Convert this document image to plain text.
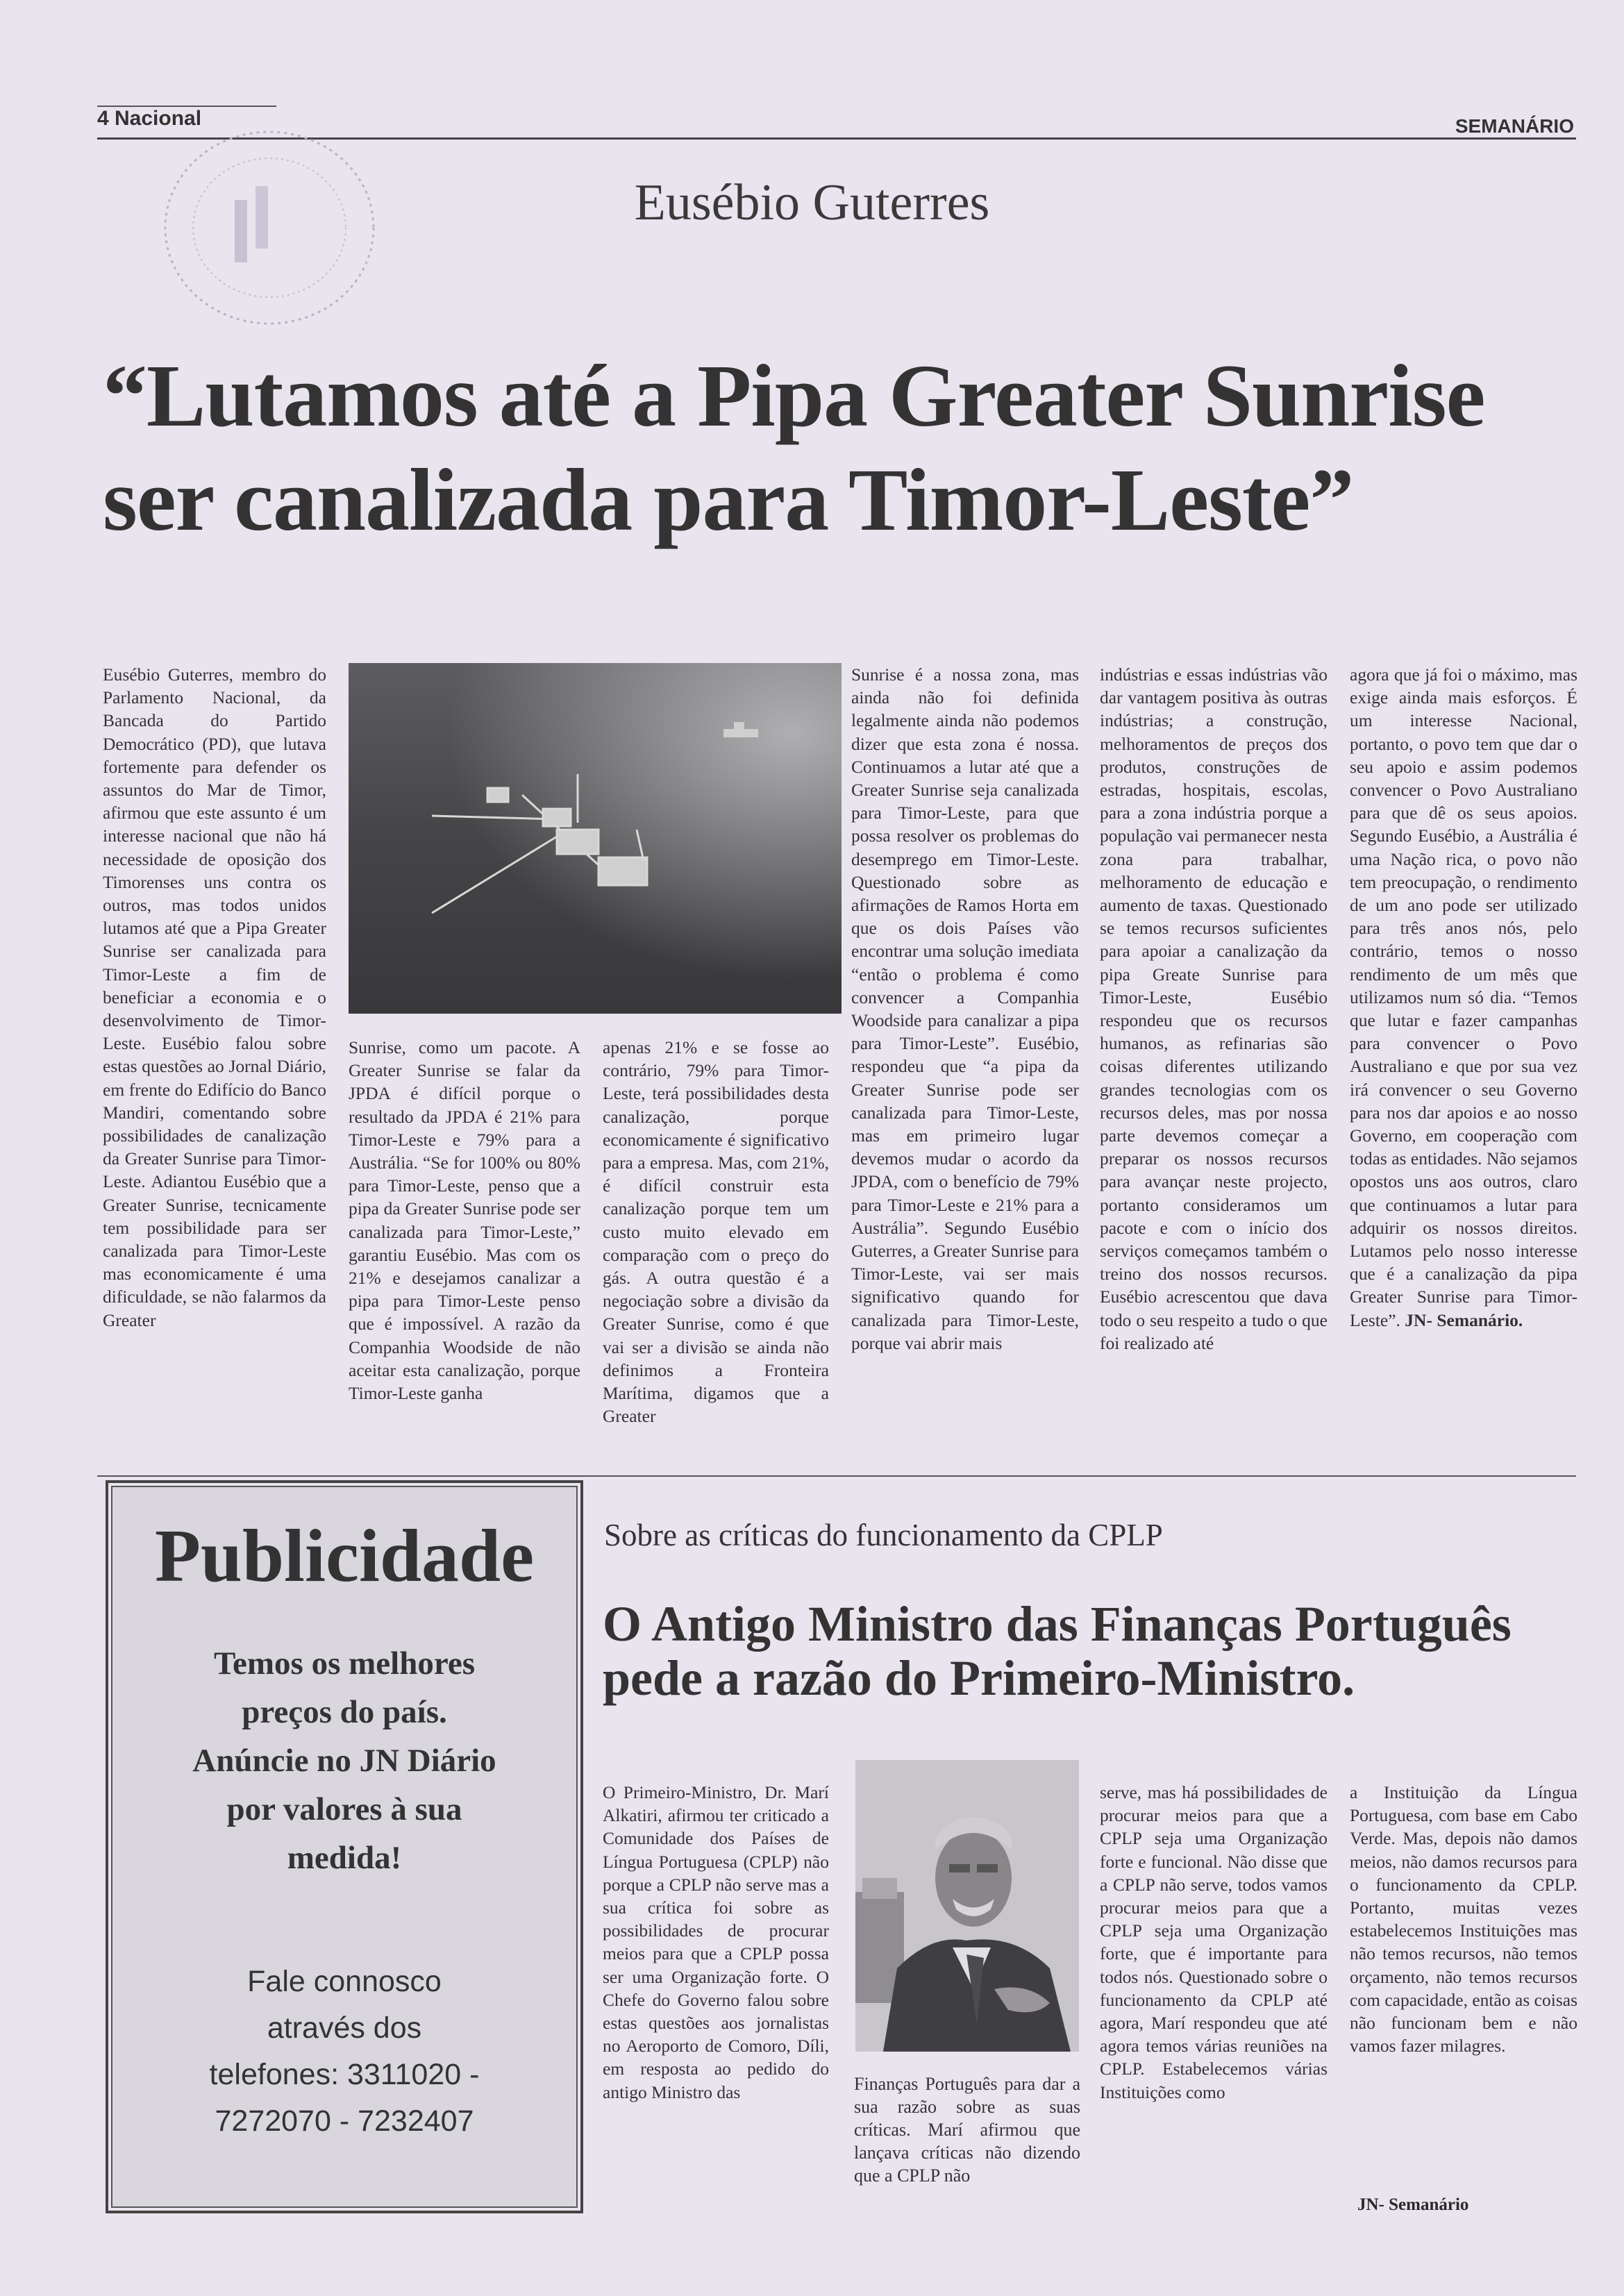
4 Nacional	SEMANÁRIO
Eusébio Guterres
“Lutamos até a Pipa Greater Sunrise
ser canalizada para Timor-Leste”

Eusébio Guterres, membro do Parlamento Nacional, da Bancada do Partido Democrático (PD), que lutava fortemente para defender os assuntos do Mar de Timor, afirmou que este assunto é um interesse nacional que não há necessidade de oposição dos Timorenses uns contra os outros, mas todos unidos lutamos até que a Pipa Greater Sunrise ser canalizada para Timor-Leste a fim de beneficiar a economia e o desenvolvimento de Timor-Leste. Eusébio falou sobre estas questões ao Jornal Diário, em frente do Edifício do Banco Mandiri, comentando sobre possibilidades de canalização da Greater Sunrise para Timor-Leste. Adiantou Eusébio que a Greater Sunrise, tecnicamente tem possibilidade para ser canalizada para Timor-Leste mas economicamente é uma dificuldade, se não falarmos da Greater

Sunrise, como um pacote. A Greater Sunrise se falar da JPDA é difícil porque o resultado da JPDA é 21% para Timor-Leste e 79% para a Austrália. “Se for 100% ou 80% para Timor-Leste, penso que a pipa da Greater Sunrise pode ser canalizada para Timor-Leste,” garantiu Eusébio. Mas com os 21% e desejamos canalizar a pipa para Timor-Leste penso que é impossível. A razão da Companhia Woodside de não aceitar esta canalização, porque Timor-Leste ganha

apenas 21% e se fosse ao contrário, 79% para Timor-Leste, terá possibilidades desta canalização, porque economicamente é significativo para a empresa. Mas, com 21%, é difícil construir esta canalização porque tem um custo muito elevado em comparação com o preço do gás. A outra questão é a negociação sobre a divisão da Greater Sunrise, como é que vai ser a divisão se ainda não definimos a Fronteira Marítima, digamos que a Greater

Sunrise é a nossa zona, mas ainda não foi definida legalmente ainda não podemos dizer que esta zona é nossa. Continuamos a lutar até que a Greater Sunrise seja canalizada para Timor-Leste, para que possa resolver os problemas do desemprego em Timor-Leste. Questionado sobre as afirmações de Ramos Horta em que os dois Países vão encontrar uma solução imediata “então o problema é como convencer a Companhia Woodside para canalizar a pipa para Timor-Leste”. Eusébio, respondeu que “a pipa da Greater Sunrise pode ser canalizada para Timor-Leste, mas em primeiro lugar devemos mudar o acordo da JPDA, com o benefício de 79% para Timor-Leste e 21% para a Austrália”. Segundo Eusébio Guterres, a Greater Sunrise para Timor-Leste, vai ser mais significativo quando for canalizada para Timor-Leste, porque vai abrir mais

indústrias e essas indústrias vão dar vantagem positiva às outras indústrias; a construção, melhoramentos de preços dos produtos, construções de estradas, hospitais, escolas, para a zona indústria porque a população vai permanecer nesta zona para trabalhar, melhoramento de educação e aumento de taxas. Questionado se temos recursos suficientes para apoiar a canalização da pipa Greate Sunrise para Timor-Leste, Eusébio respondeu que os recursos humanos, as refinarias são coisas diferentes utilizando grandes tecnologias com os recursos deles, mas por nossa parte devemos começar a preparar os nossos recursos para avançar neste projecto, portanto consideramos um pacote e com o início dos serviços começamos também o treino dos nossos recursos. Eusébio acrescentou que dava todo o seu respeito a tudo o que foi realizado até

agora que já foi o máximo, mas exige ainda mais esforços. É um interesse Nacional, portanto, o povo tem que dar o seu apoio e assim podemos convencer o Povo Australiano para que dê os seus apoios. Segundo Eusébio, a Austrália é uma Nação rica, o povo não tem preocupação, o rendimento de um ano pode ser utilizado para três anos nós, pelo contrário, temos o nosso rendimento de um mês que utilizamos num só dia. “Temos que lutar e fazer campanhas para convencer o Povo Australiano e que por sua vez irá convencer o seu Governo para nos dar apoios e ao nosso Governo, em cooperação com todas as entidades. Não sejamos opostos uns aos outros, claro que continuamos a lutar para adquirir os nossos direitos. Lutamos pelo nosso interesse que é a canalização da pipa Greater Sunrise para Timor-Leste”. JN- Semanário.

Publicidade
Temos os melhores
preços do país.
Anúncie no JN Diário
por valores à sua
medida!
Fale connosco
através dos
telefones: 3311020 -
7272070 - 7232407
Sobre as críticas do funcionamento da CPLP
O Antigo Ministro das Finanças Português
pede a razão do Primeiro-Ministro.

O Primeiro-Ministro, Dr. Marí Alkatiri, afirmou ter criticado a Comunidade dos Países de Língua Portuguesa (CPLP) não porque a CPLP não serve mas a sua crítica foi sobre as possibilidades de procurar meios para que a CPLP possa ser uma Organização forte. O Chefe do Governo falou sobre estas questões aos jornalistas no Aeroporto de Comoro, Díli, em resposta ao pedido do antigo Ministro das	Finanças Português para dar a sua razão sobre as suas críticas. Marí afirmou que lançava críticas não dizendo que a CPLP não

serve, mas há possibilidades de procurar meios para que a CPLP seja uma Organização forte e funcional. Não disse que a CPLP não serve, todos vamos procurar meios para que a CPLP seja uma Organização forte, que é importante para todos nós. Questionado sobre o funcionamento da CPLP até agora, Marí respondeu que até agora temos várias reuniões na CPLP. Estabelecemos várias Instituições como

a Instituição da Língua Portuguesa, com base em Cabo Verde. Mas, depois não damos meios, não damos recursos para o funcionamento da CPLP. Portanto, muitas vezes estabelecemos Instituições mas não temos recursos, não temos orçamento, não temos recursos com capacidade, então as coisas não funcionam bem e não vamos fazer milagres.

JN- Semanário
